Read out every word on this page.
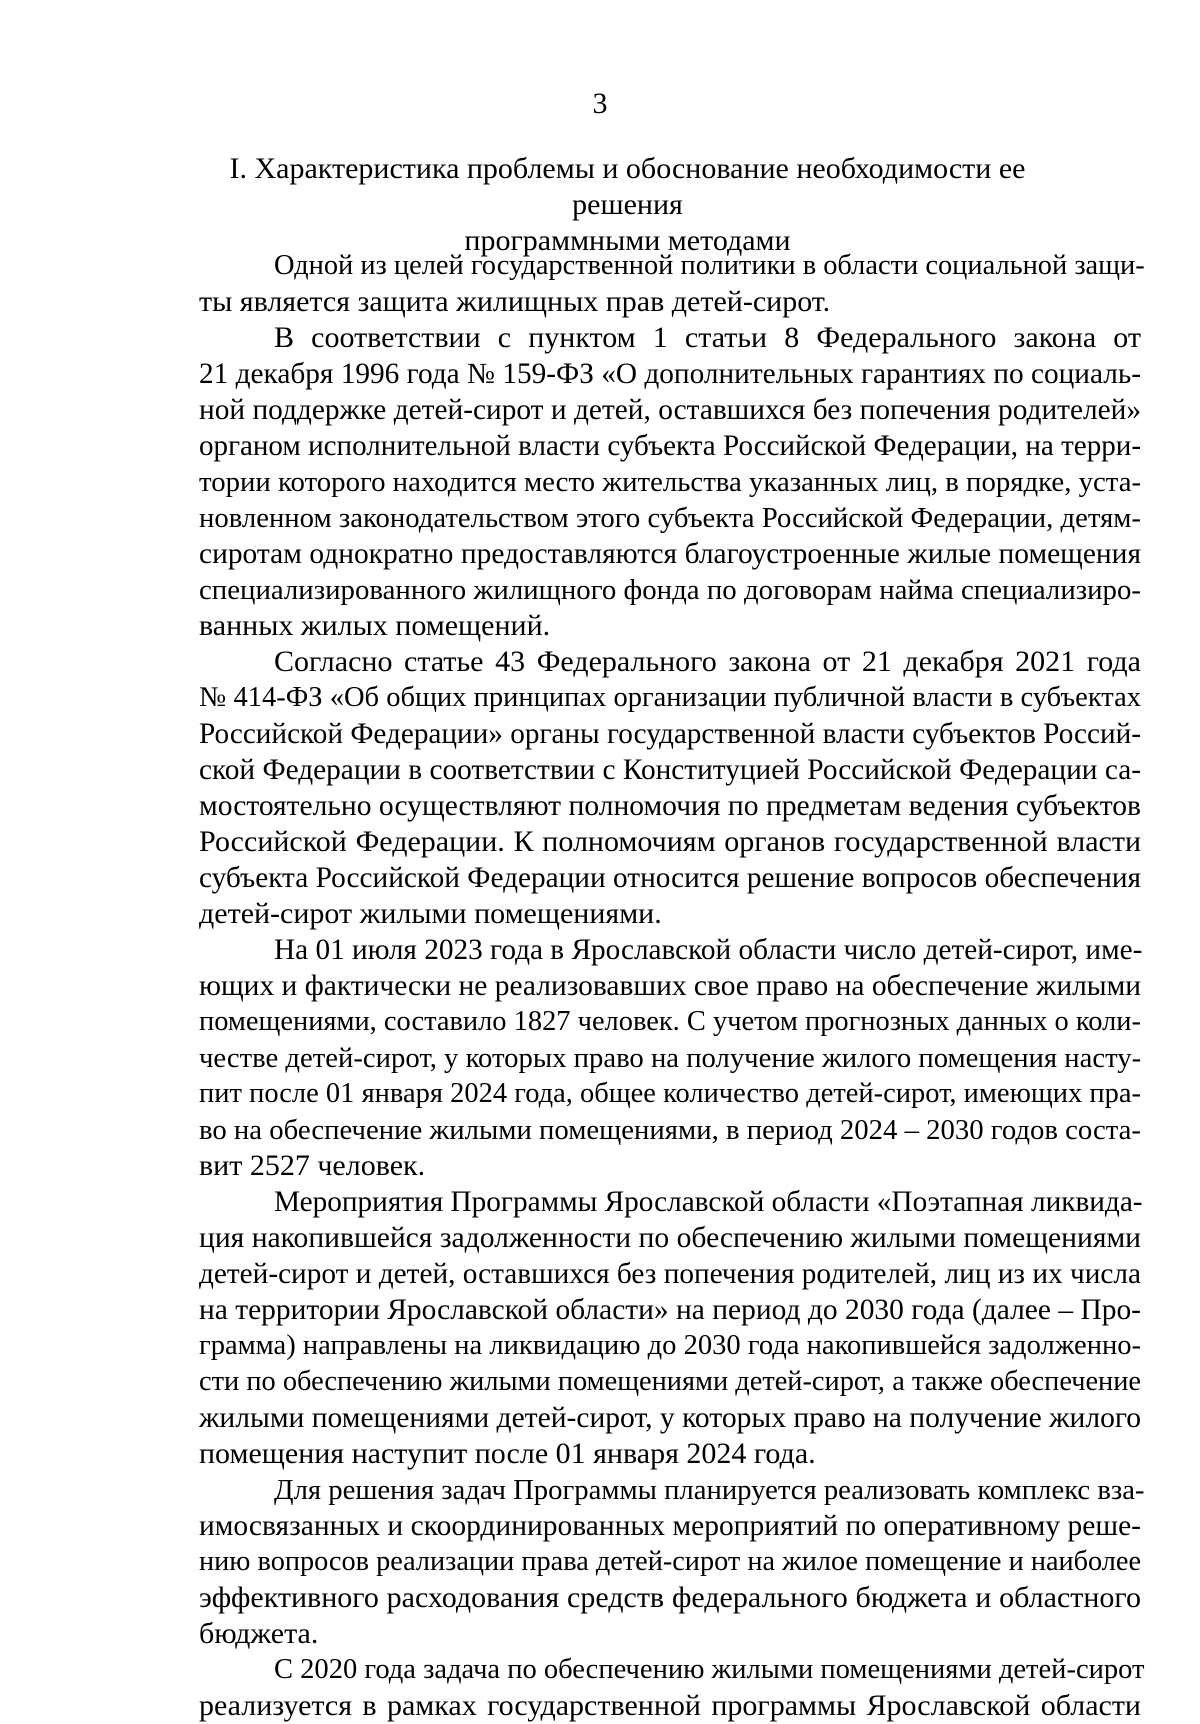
3
I. Характеристика проблемы и обоснование необходимости ее решения
программными методами
Одной из целей государственной политики в области социальной защи-
ты является защита жилищных прав детей-сирот.
В соответствии с пунктом 1 статьи 8 Федерального закона от
21 декабря 1996 года № 159-ФЗ «О дополнительных гарантиях по социаль-
ной поддержке детей-сирот и детей, оставшихся без попечения родителей»
органом исполнительной власти субъекта Российской Федерации, на терри-
тории которого находится место жительства указанных лиц, в порядке, уста-
новленном законодательством этого субъекта Российской Федерации, детям-
сиротам однократно предоставляются благоустроенные жилые помещения
специализированного жилищного фонда по договорам найма специализиро-
ванных жилых помещений.
Согласно статье 43 Федерального закона от 21 декабря 2021 года
№ 414-ФЗ «Об общих принципах организации публичной власти в субъектах
Российской Федерации» органы государственной власти субъектов Россий-
ской Федерации в соответствии с Конституцией Российской Федерации са-
мостоятельно осуществляют полномочия по предметам ведения субъектов
Российской Федерации. К полномочиям органов государственной власти
субъекта Российской Федерации относится решение вопросов обеспечения
детей-сирот жилыми помещениями.
На 01 июля 2023 года в Ярославской области число детей-сирот, име-
ющих и фактически не реализовавших свое право на обеспечение жилыми
помещениями, составило 1827 человек. С учетом прогнозных данных о коли-
честве детей-сирот, у которых право на получение жилого помещения насту-
пит после 01 января 2024 года, общее количество детей-сирот, имеющих пра-
во на обеспечение жилыми помещениями, в период 2024 – 2030 годов соста-
вит 2527 человек.
Мероприятия Программы Ярославской области «Поэтапная ликвида-
ция накопившейся задолженности по обеспечению жилыми помещениями
детей-сирот и детей, оставшихся без попечения родителей, лиц из их числа
на территории Ярославской области» на период до 2030 года (далее – Про-
грамма) направлены на ликвидацию до 2030 года накопившейся задолженно-
сти по обеспечению жилыми помещениями детей-сирот, а также обеспечение
жилыми помещениями детей-сирот, у которых право на получение жилого
помещения наступит после 01 января 2024 года.
Для решения задач Программы планируется реализовать комплекс вза-
имосвязанных и скоординированных мероприятий по оперативному реше-
нию вопросов реализации права детей-сирот на жилое помещение и наиболее
эффективного расходования средств федерального бюджета и областного
бюджета.
С 2020 года задача по обеспечению жилыми помещениями детей-сирот
реализуется в рамках государственной программы Ярославской области
